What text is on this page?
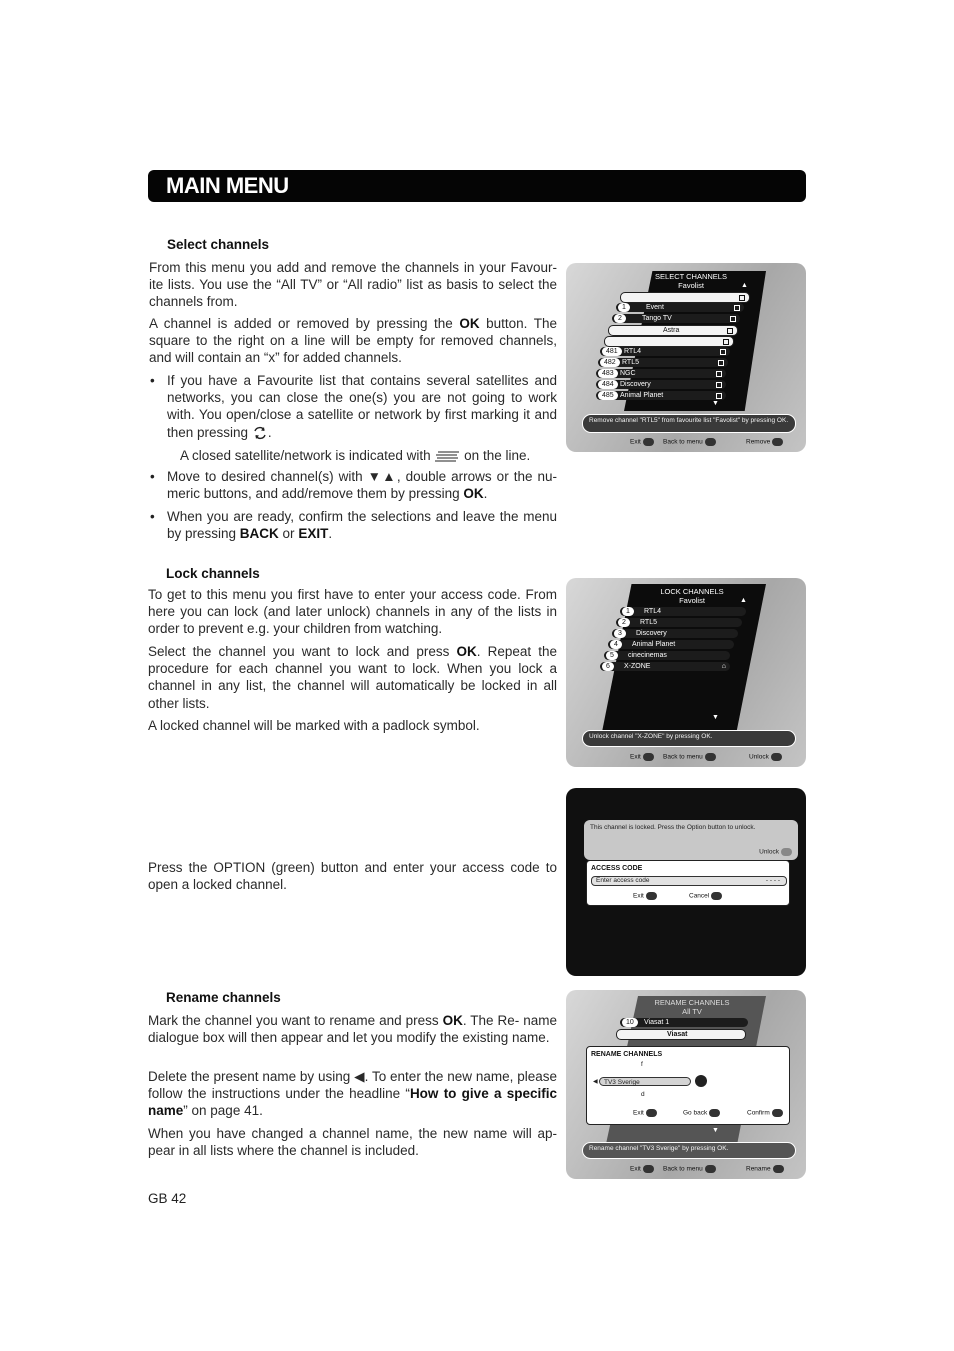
MAIN MENU
Select channels

From this menu you add and remove the channels in your Favour- ite lists. You use the “All TV” or “All radio” list as basis to select the channels from.

A channel is added or removed by pressing the OK button. The square to the right on a line will be empty for removed channels, and will contain an “x” for added channels.

• If you have a Favourite list that contains several satellites and networks, you can close the one(s) you are not going to work with. You open/close a satellite or network by first marking it and then pressing .

A closed satellite/network is indicated with on the line.

• Move to desired channel(s) with ▼▲, double arrows or the nu- meric buttons, and add/remove them by pressing OK.

• When you are ready, confirm the selections and leave the menu by pressing BACK or EXIT.

SELECT CHANNELS
Favolist	▲
1	Event
2	Tango TV
Astra
481 RTL4
482 RTL5
483 NGC
484 Discovery
485 Animal Planet
▼
Remove channel "RTL5" from favourite list "Favolist" by pressing OK.
Exit	Back to menu	Remove
Lock channels

To get to this menu you first have to enter your access code. From here you can lock (and later unlock) channels in any of the lists in order to prevent e.g. your children from watching.

Select the channel you want to lock and press OK. Repeat the procedure for each channel you want to lock. When you lock a channel in any list, the channel will automatically be locked in all other lists.

A locked channel will be marked with a padlock symbol.

LOCK CHANNELS
Favolist	▲
1	RTL4
2	RTL5
3	Discovery
4	Animal Planet
5	cinecinemas
6	X-ZONE	⌂
▼
Unlock channel "X-ZONE" by pressing OK.
Exit	Back to menu	Unlock

Press the OPTION (green) button and enter your access code to open a locked channel.

This channel is locked. Press the Option button to unlock.
Unlock
ACCESS CODE
Enter access code	- - - -
Exit	Cancel
Rename channels

Mark the channel you want to rename and press OK. The Re- name dialogue box will then appear and let you modify the existing name.

Delete the present name by using ◀. To enter the new name, please follow the instructions under the headline “How to give a specific name” on page 41.

When you have changed a channel name, the new name will ap- pear in all lists where the channel is included.

RENAME CHANNELS
All TV
10	Viasat 1
Viasat
RENAME CHANNELS
f
◀ TV3 Sverige
d
Exit	Go back	Confirm
▼
Rename channel "TV3 Sverige" by pressing OK.
Exit	Back to menu	Rename
GB 42
